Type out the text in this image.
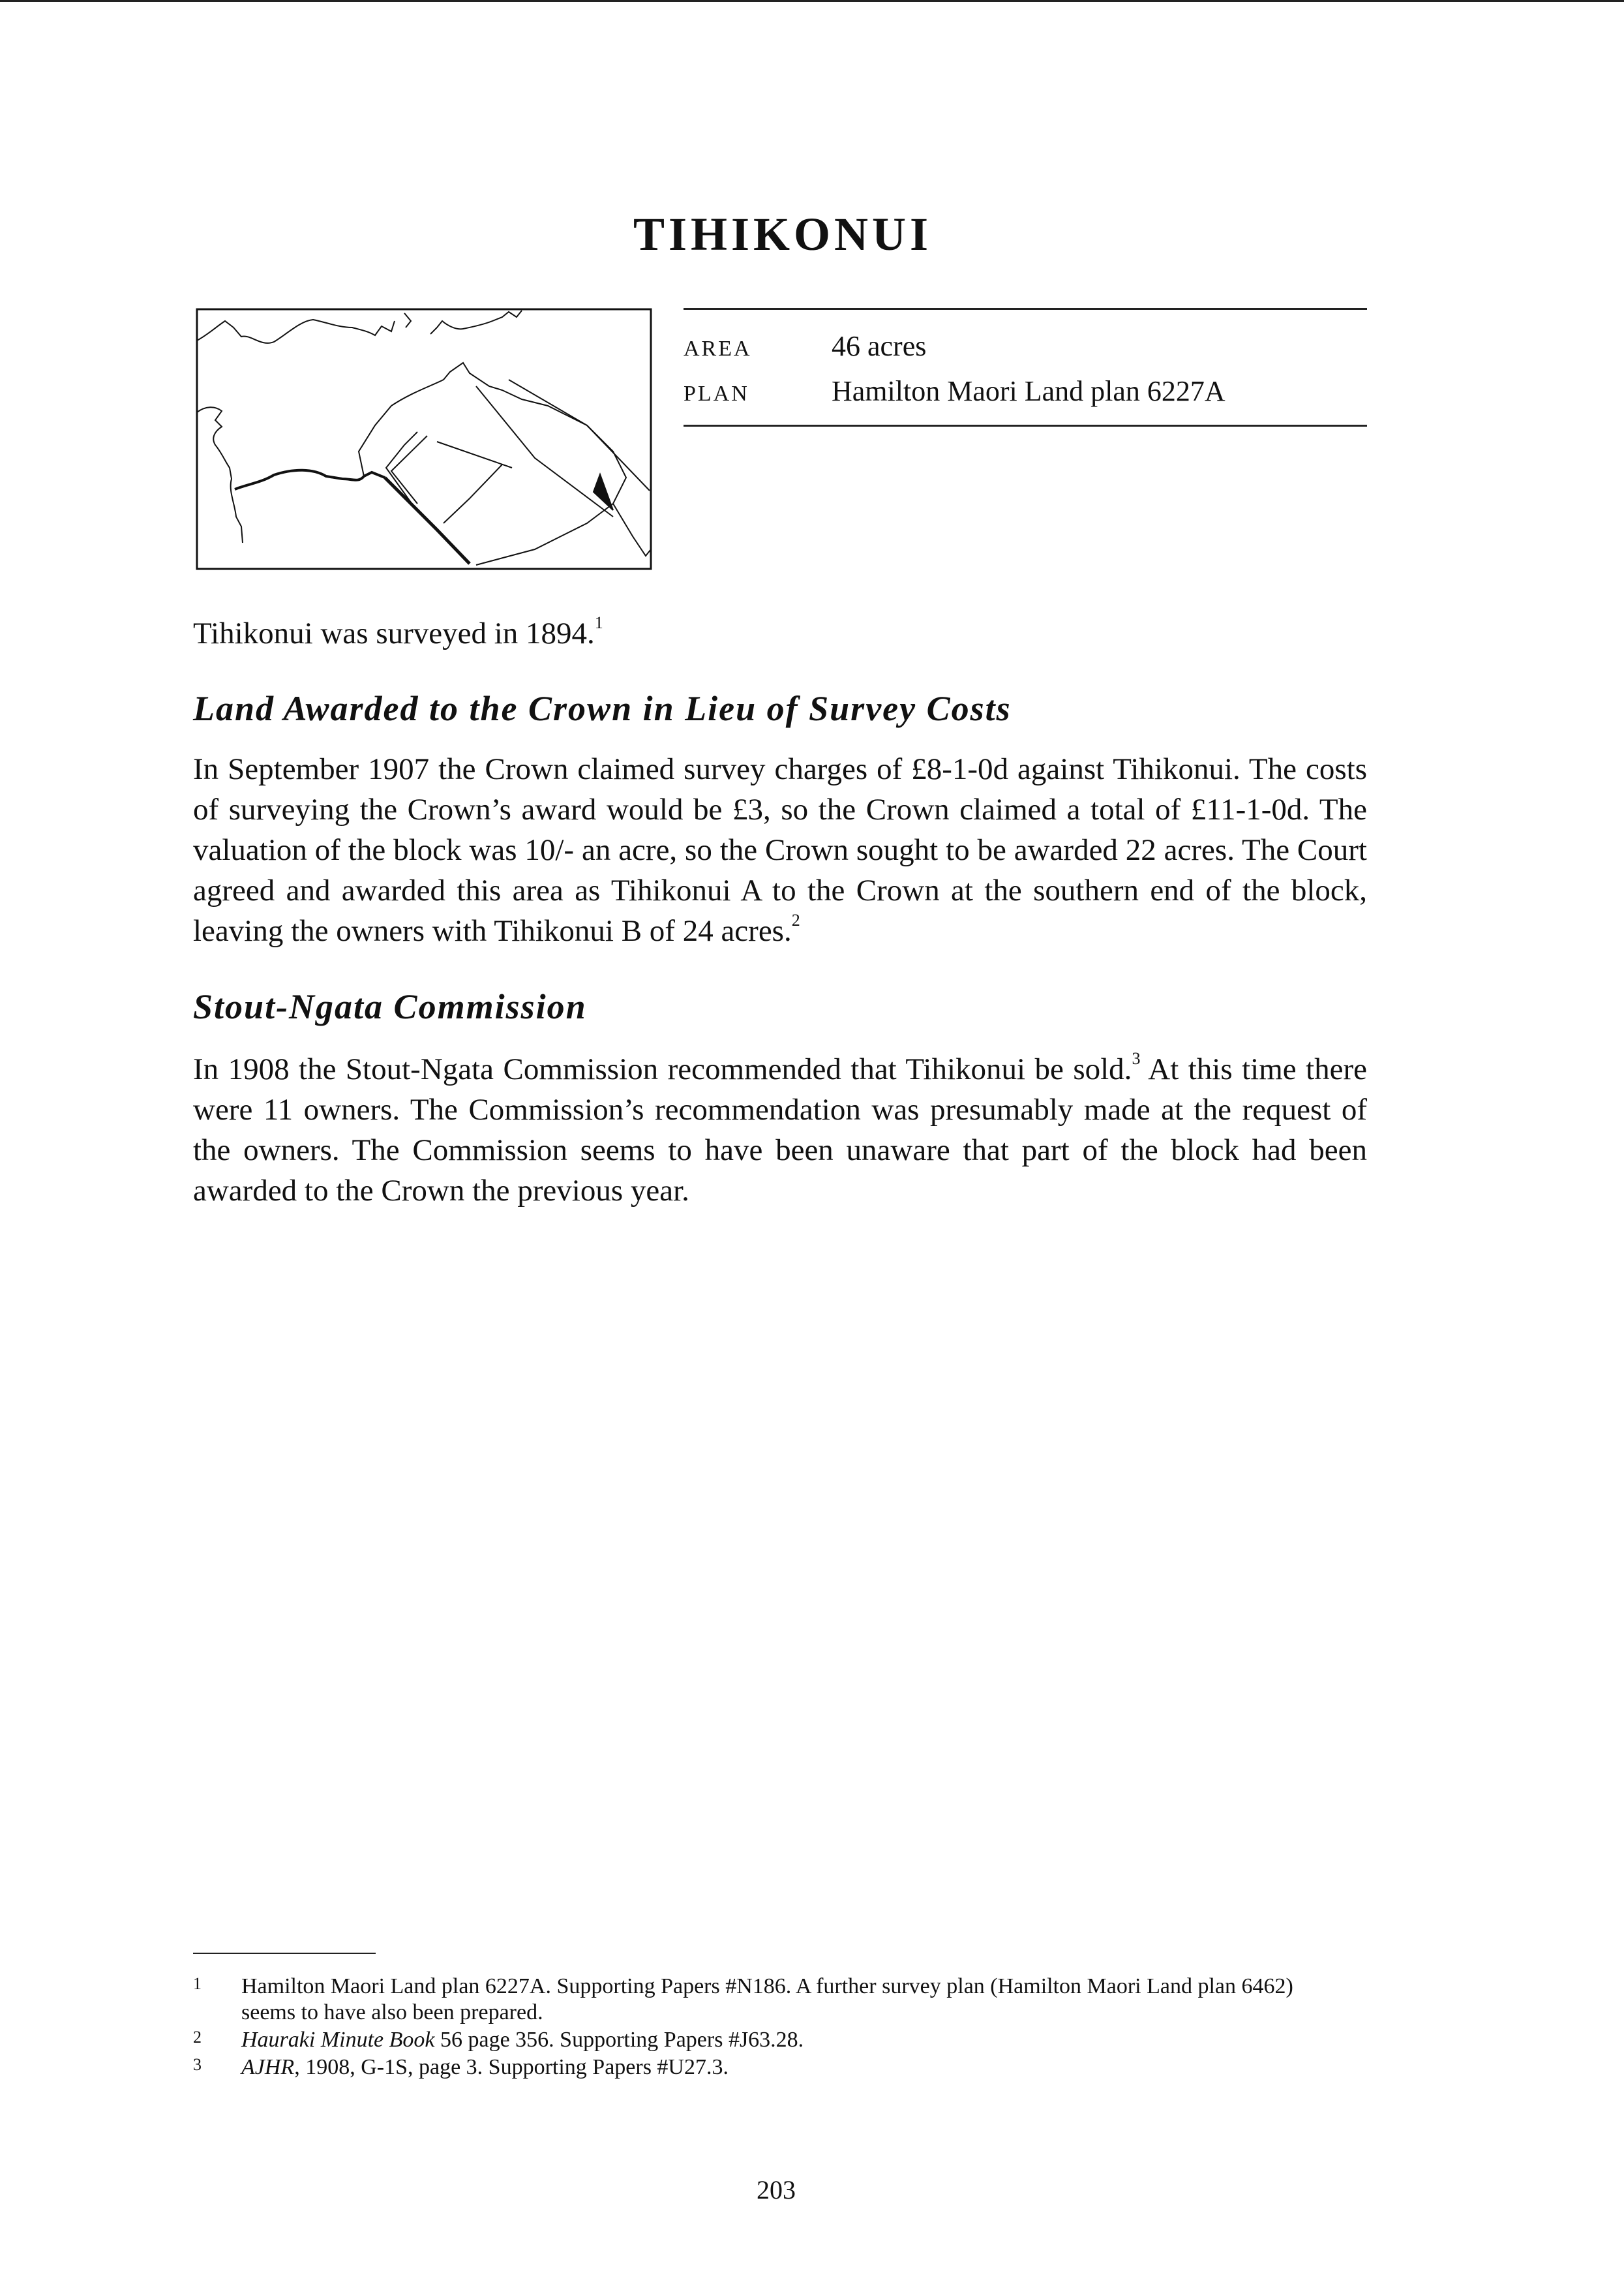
TIHIKONUI
AREA	46 acres
PLAN	Hamilton Maori Land plan 6227A
Tihikonui was surveyed in 1894.$^1$
Land Awarded to the Crown in Lieu of Survey Costs
In September 1907 the Crown claimed survey charges of £8-1-0d against Tihikonui. The costs of surveying the Crown’s award would be £3, so the Crown claimed a total of £11-1-0d. The valuation of the block was 10/- an acre, so the Crown sought to be awarded 22 acres. The Court agreed and awarded this area as Tihikonui A to the Crown at the southern end of the block, leaving the owners with Tihikonui B of 24 acres.$^2$
Stout-Ngata Commission
In 1908 the Stout-Ngata Commission recommended that Tihikonui be sold.$^3$ At this time there were 11 owners. The Commission’s recommendation was presumably made at the request of the owners. The Commission seems to have been unaware that part of the block had been awarded to the Crown the previous year.
1 Hamilton Maori Land plan 6227A. Supporting Papers #N186. A further survey plan (Hamilton Maori Land plan 6462) seems to have also been prepared.
2 Hauraki Minute Book 56 page 356. Supporting Papers #J63.28.
3 AJHR, 1908, G-1S, page 3. Supporting Papers #U27.3.
203
